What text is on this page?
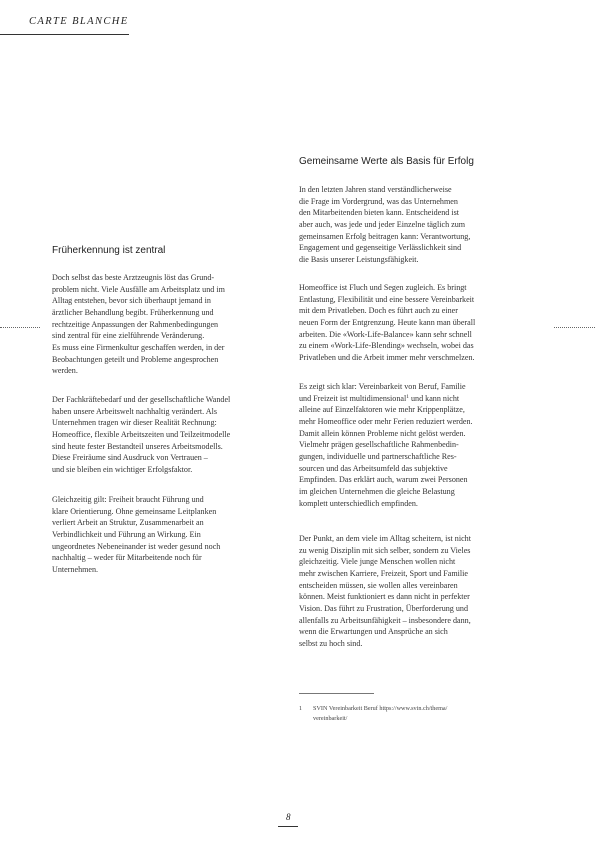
CARTE BLANCHE
Gemeinsame Werte als Basis für Erfolg
In den letzten Jahren stand verständlicherweise
die Frage im Vordergrund, was das Unternehmen
den Mitarbeitenden bieten kann. Entscheidend ist
aber auch, was jede und jeder Einzelne täglich zum
gemeinsamen Erfolg beitragen kann: Verantwortung,
Engagement und gegenseitige Verlässlichkeit sind
die Basis unserer Leistungsfähigkeit.
Homeoffice ist Fluch und Segen zugleich. Es bringt
Entlastung, Flexibilität und eine bessere Vereinbarkeit
mit dem Privatleben. Doch es führt auch zu einer
neuen Form der Entgrenzung. Heute kann man überall
arbeiten. Die «Work-Life-Balance» kann sehr schnell
zu einem «Work-Life-Blending» wechseln, wobei das
Privatleben und die Arbeit immer mehr verschmelzen.
Es zeigt sich klar: Vereinbarkeit von Beruf, Familie
und Freizeit ist multidimensional$^1$ und kann nicht
alleine auf Einzelfaktoren wie mehr Krippenplätze,
mehr Homeoffice oder mehr Ferien reduziert werden.
Damit allein können Probleme nicht gelöst werden.
Vielmehr prägen gesellschaftliche Rahmenbedin-
gungen, individuelle und partnerschaftliche Res-
sourcen und das Arbeitsumfeld das subjektive
Empfinden. Das erklärt auch, warum zwei Personen
im gleichen Unternehmen die gleiche Belastung
komplett unterschiedlich empfinden.
Der Punkt, an dem viele im Alltag scheitern, ist nicht
zu wenig Disziplin mit sich selber, sondern zu Vieles
gleichzeitig. Viele junge Menschen wollen nicht
mehr zwischen Karriere, Freizeit, Sport und Familie
entscheiden müssen, sie wollen alles vereinbaren
können. Meist funktioniert es dann nicht in perfekter
Vision. Das führt zu Frustration, Überforderung und
allenfalls zu Arbeitsunfähigkeit – insbesondere dann,
wenn die Erwartungen und Ansprüche an sich
selbst zu hoch sind.
1	SVIN Vereinbarkeit Beruf https://www.svin.ch/thema/
vereinbarkeit/
Früherkennung ist zentral
Doch selbst das beste Arztzeugnis löst das Grund-
problem nicht. Viele Ausfälle am Arbeitsplatz und im
Alltag entstehen, bevor sich überhaupt jemand in
ärztlicher Behandlung begibt. Früherkennung und
rechtzeitige Anpassungen der Rahmenbedingungen
sind zentral für eine zielführende Veränderung.
Es muss eine Firmenkultur geschaffen werden, in der
Beobachtungen geteilt und Probleme angesprochen
werden.
Der Fachkräftebedarf und der gesellschaftliche Wandel
haben unsere Arbeitswelt nachhaltig verändert. Als
Unternehmen tragen wir dieser Realität Rechnung:
Homeoffice, flexible Arbeitszeiten und Teilzeitmodelle
sind heute fester Bestandteil unseres Arbeitsmodells.
Diese Freiräume sind Ausdruck von Vertrauen –
und sie bleiben ein wichtiger Erfolgsfaktor.
Gleichzeitig gilt: Freiheit braucht Führung und
klare Orientierung. Ohne gemeinsame Leitplanken
verliert Arbeit an Struktur, Zusammenarbeit an
Verbindlichkeit und Führung an Wirkung. Ein
ungeordnetes Nebeneinander ist weder gesund noch
nachhaltig – weder für Mitarbeitende noch für
Unternehmen.
8
